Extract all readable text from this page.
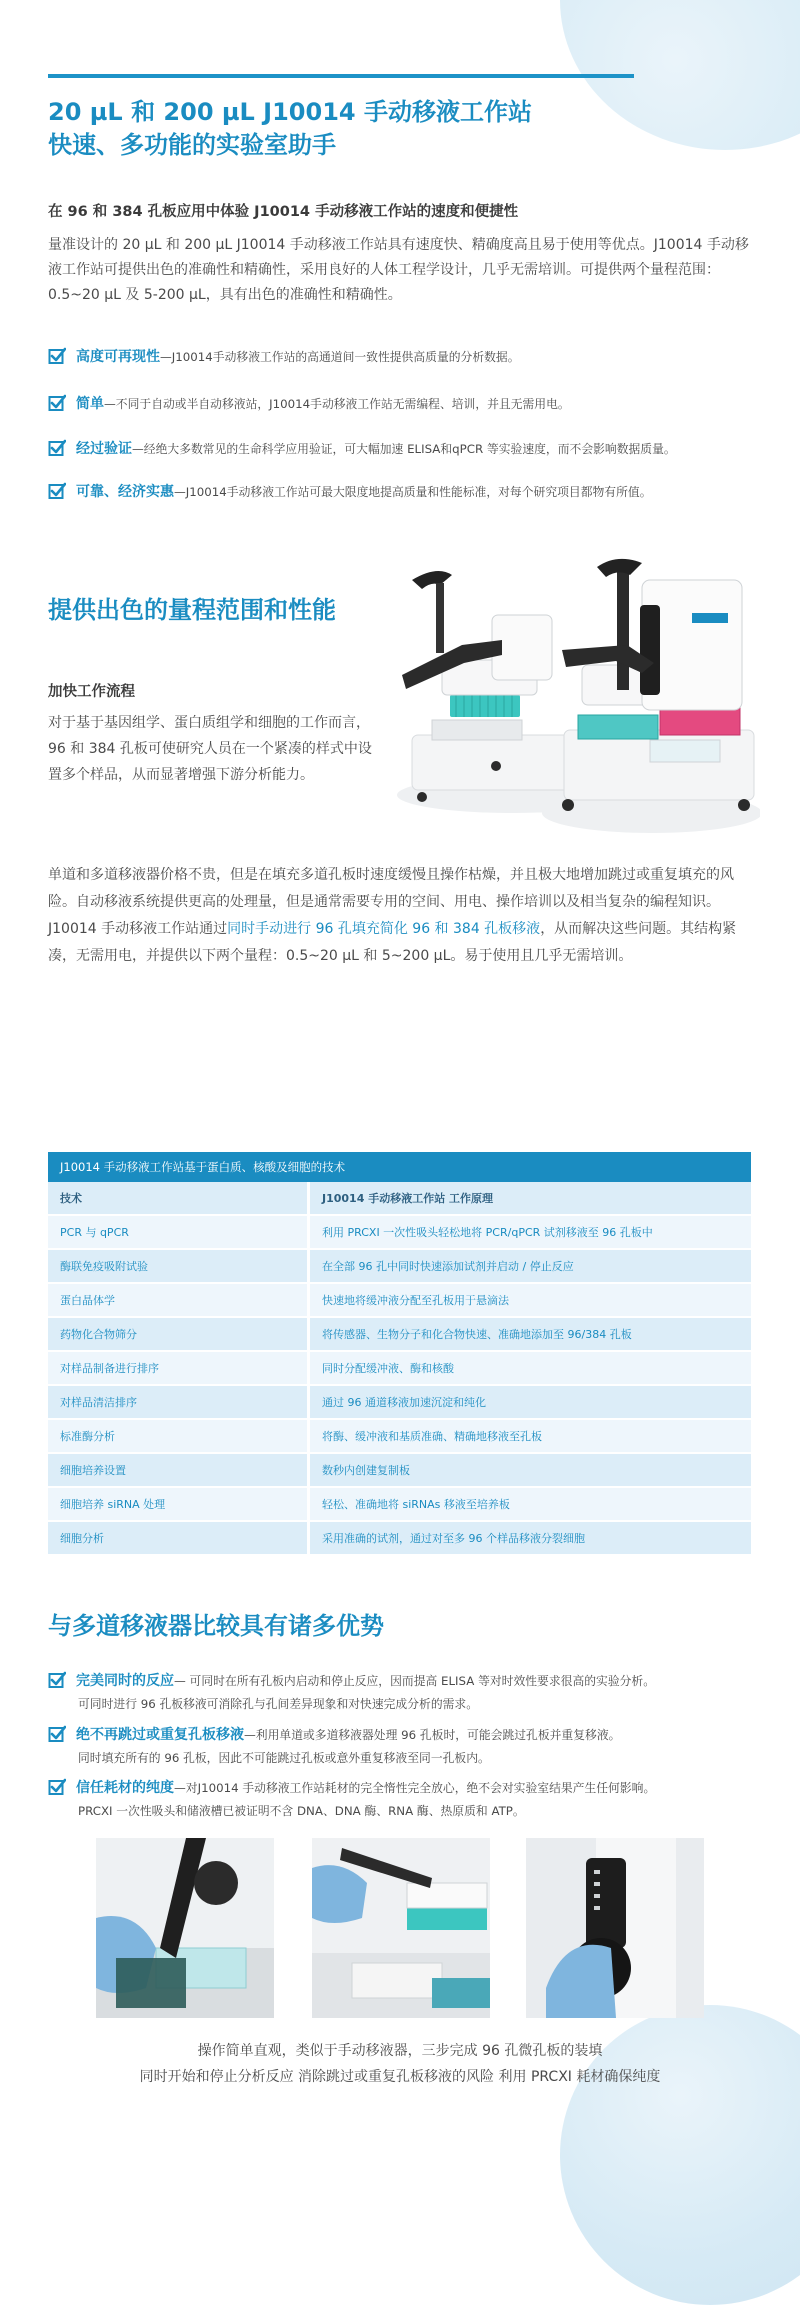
20 µL 和 200 µL J10014 手动移液工作站
快速、多功能的实验室助手
在 96 和 384 孔板应用中体验 J10014 手动移液工作站的速度和便捷性
量准设计的 20 µL 和 200 µL J10014 手动移液工作站具有速度快、精确度高且易于使用等优点。J10014 手动移液工作站可提供出色的准确性和精确性，采用良好的人体工程学设计，几乎无需培训。可提供两个量程范围：0.5~20 µL 及 5-200 µL，具有出色的准确性和精确性。
高度可再现性 —J10014手动移液工作站的高通道间一致性提供高质量的分析数据。
简单 —不同于自动或半自动移液站，J10014手动移液工作站无需编程、培训，并且无需用电。
经过验证 —经绝大多数常见的生命科学应用验证，可大幅加速 ELISA和qPCR 等实验速度，而不会影响数据质量。
可靠、经济实惠 —J10014手动移液工作站可最大限度地提高质量和性能标准，对每个研究项目都物有所值。
提供出色的量程范围和性能
加快工作流程
对于基于基因组学、蛋白质组学和细胞的工作而言，96 和 384 孔板可使研究人员在一个紧凑的样式中设置多个样品，从而显著增强下游分析能力。
单道和多道移液器价格不贵，但是在填充多道孔板时速度缓慢且操作枯燥，并且极大地增加跳过或重复填充的风险。自动移液系统提供更高的处理量，但是通常需要专用的空间、用电、操作培训以及相当复杂的编程知识。J10014 手动移液工作站通过同时手动进行 96 孔填充简化 96 和 384 孔板移液，从而解决这些问题。其结构紧凑，无需用电，并提供以下两个量程：0.5~20 µL 和 5~200 µL。易于使用且几乎无需培训。
J10014 手动移液工作站基于蛋白质、核酸及细胞的技术	
技术	J10014 手动移液工作站 工作原理
PCR 与 qPCR	利用 PRCXI 一次性吸头轻松地将 PCR/qPCR 试剂移液至 96 孔板中
酶联免疫吸附试验	在全部 96 孔中同时快速添加试剂并启动 / 停止反应
蛋白晶体学	快速地将缓冲液分配至孔板用于悬滴法
药物化合物筛分	将传感器、生物分子和化合物快速、准确地添加至 96/384 孔板
对样品制备进行排序	同时分配缓冲液、酶和核酸
对样品清洁排序	通过 96 通道移液加速沉淀和纯化
标准酶分析	将酶、缓冲液和基质准确、精确地移液至孔板
细胞培养设置	数秒内创建复制板
细胞培养 siRNA 处理	轻松、准确地将 siRNAs 移液至培养板
细胞分析	采用准确的试剂，通过对至多 96 个样品移液分裂细胞
与多道移液器比较具有诸多优势
完美同时的反应 — 可同时在所有孔板内启动和停止反应，因而提高 ELISA 等对时效性要求很高的实验分析。
可同时进行 96 孔板移液可消除孔与孔间差异现象和对快速完成分析的需求。
绝不再跳过或重复孔板移液 —利用单道或多道移液器处理 96 孔板时，可能会跳过孔板并重复移液。
同时填充所有的 96 孔板，因此不可能跳过孔板或意外重复移液至同一孔板内。
信任耗材的纯度 —对J10014 手动移液工作站耗材的完全惰性完全放心，绝不会对实验室结果产生任何影响。
PRCXI 一次性吸头和储液槽已被证明不含 DNA、DNA 酶、RNA 酶、热原质和 ATP。
操作简单直观，类似于手动移液器，三步完成 96 孔微孔板的装填
同时开始和停止分析反应 消除跳过或重复孔板移液的风险 利用 PRCXI 耗材确保纯度
